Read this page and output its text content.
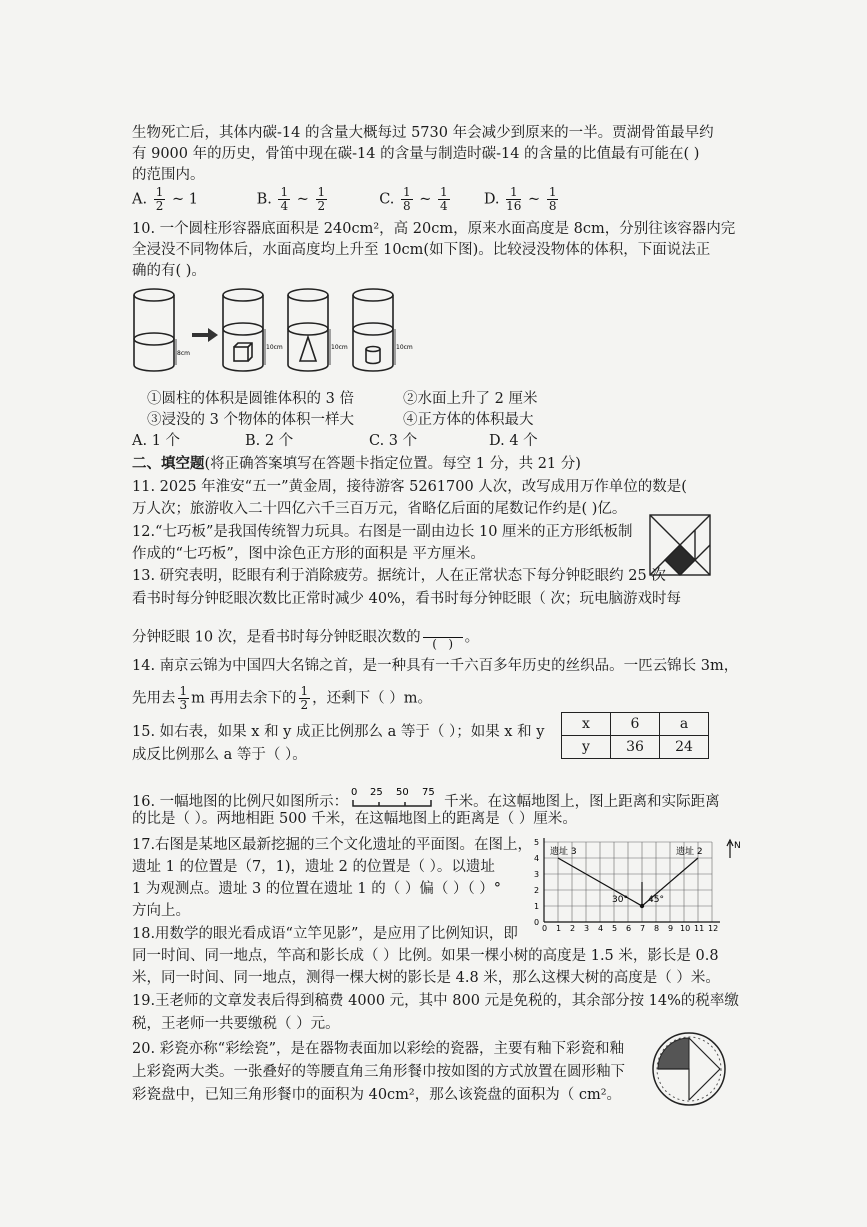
生物死亡后，其体内碳-14 的含量大概每过 5730 年会减少到原来的一半。贾湖骨笛最早约
有 9000 年的历史，骨笛中现在碳-14 的含量与制造时碳-14 的含量的比值最有可能在( )
的范围内。
A. $\frac{1}{2}$ ~ 1	B. $\frac{1}{4}$ ~ $\frac{1}{2}$	C. $\frac{1}{8}$ ~ $\frac{1}{4} D$. $\frac{1}{16}$ ~ $\frac{1}{8}$
10. 一个圆柱形容器底面积是 240cm²，高 20cm，原来水面高度是 8cm，分别往该容器内完
全浸没不同物体后，水面高度均上升至 10cm(如下图)。比较浸没物体的体积，下面说法正
确的有( )。
8cm
10cm	10cm	10cm
①圆柱的体积是圆锥体积的 3 倍	②水面上升了 2 厘米
③浸没的 3 个物体的体积一样大	④正方体的体积最大
A. 1 个	B. 2 个	C. 3 个	D. 4 个
二、填空题(将正确答案填写在答题卡指定位置。每空 1 分，共 21 分)
11. 2025 年淮安“五一”黄金周，接待游客 5261700 人次，改写成用万作单位的数是(
万人次；旅游收入二十四亿六千三百万元，省略亿后面的尾数记作约是( )亿。
12.“七巧板”是我国传统智力玩具。右图是一副由边长 10 厘米的正方形纸板制
作成的“七巧板”，图中涂色正方形的面积是 平方厘米。
13. 研究表明，眨眼有利于消除疲劳。据统计，人在正常状态下每分钟眨眼约 25 次
看书时每分钟眨眼次数比正常时减少 40%，看书时每分钟眨眼（ 次；玩电脑游戏时每
分钟眨眼 10 次，是看书时每分钟眨眼次数的
(   ) 。
14. 南京云锦为中国四大名锦之首，是一种具有一千六百多年历史的丝织品。一匹云锦长 3m，
先用去 $\frac{1}{3}$ m 再用去余下的 $\frac{1}{2}$ ，还剩下（ ）m。
15. 如右表，如果 x 和 y 成正比例那么 a 等于（ ）；如果 x 和 y
成反比例那么 a 等于（ ）。
x	6	a
y	36	24
16. 一幅地图的比例尺如图所示：
0 25 50 75
千米。在这幅地图上，图上距离和实际距离
的比是（ ）。两地相距 500 千米，在这幅地图上的距离是（ ）厘米。
17.右图是某地区最新挖掘的三个文化遗址的平面图。在图上，
遗址 1 的位置是（7，1)，遗址 2 的位置是（ ）。以遗址
1 为观测点。遗址 3 的位置在遗址 1 的（ ）偏（ ）（ ）°
方向上。
遗址 3	遗址 2
30° 45°
N
0 1 2 3 4 5 6 7 8 9 10 11 12
0
1
2
3
4
5
18.用数学的眼光看成语“立竿见影”，是应用了比例知识，即
同一时间、同一地点，竿高和影长成（ ）比例。如果一棵小树的高度是 1.5 米，影长是 0.8
米，同一时间、同一地点，测得一棵大树的影长是 4.8 米，那么这棵大树的高度是（ ）米。
19.王老师的文章发表后得到稿费 4000 元，其中 800 元是免税的，其余部分按 14%的税率缴
税，王老师一共要缴税（ ）元。
20. 彩瓷亦称“彩绘瓷”，是在器物表面加以彩绘的瓷器，主要有釉下彩瓷和釉
上彩瓷两大类。一张叠好的等腰直角三角形餐巾按如图的方式放置在圆形釉下
彩瓷盘中，已知三角形餐巾的面积为 40cm²，那么该瓷盘的面积为（ cm²。
